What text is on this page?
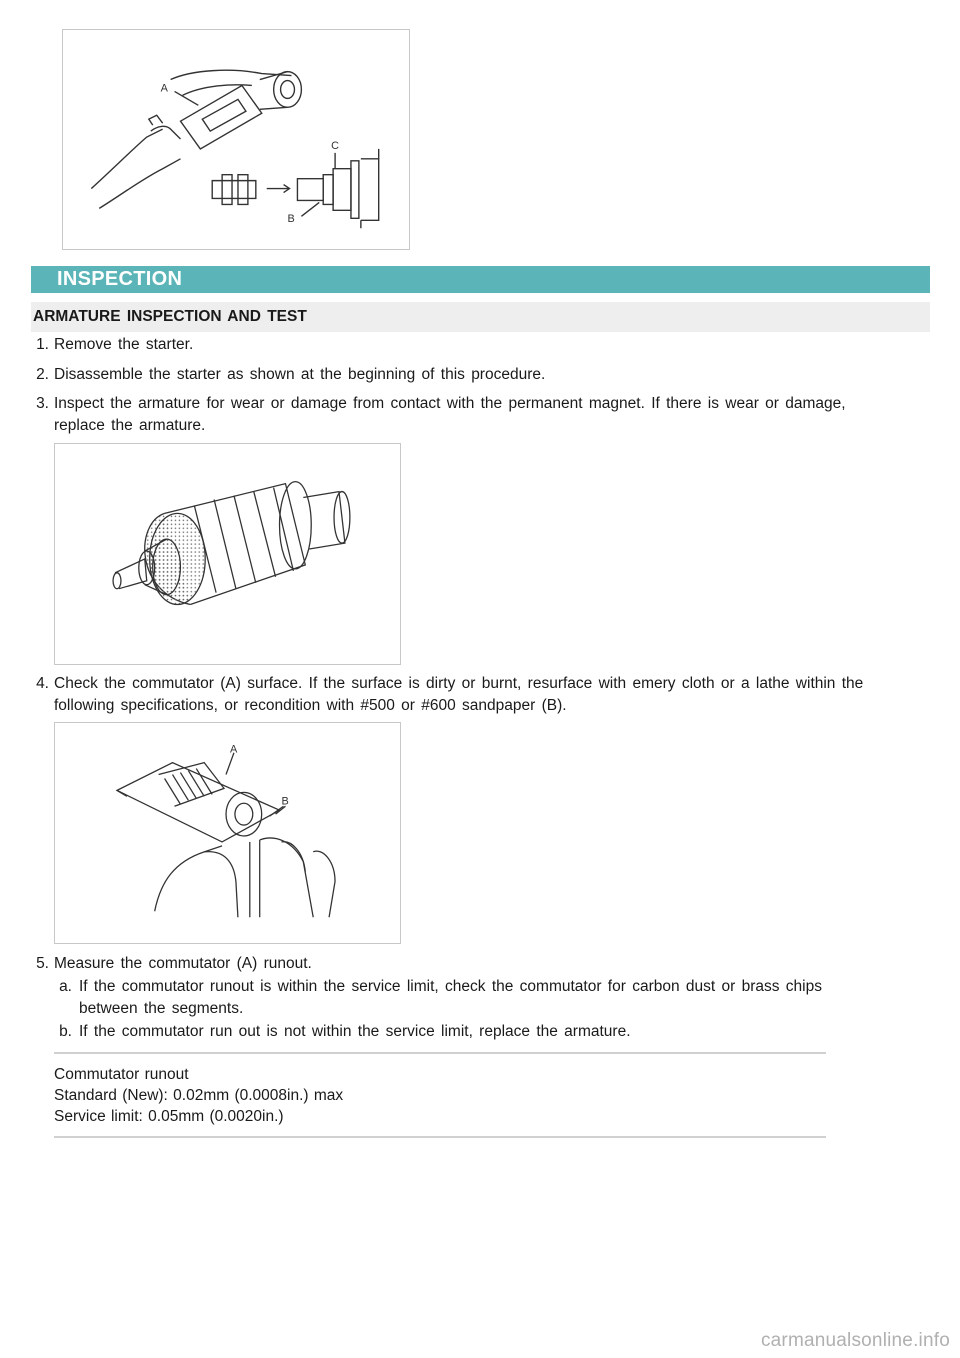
A
C
B
INSPECTION
ARMATURE INSPECTION AND TEST
1. Remove the starter.
2. Disassemble the starter as shown at the beginning of this procedure.
3. Inspect the armature for wear or damage from contact with the permanent magnet. If there is wear or damage,
replace the armature.
4. Check the commutator (A) surface. If the surface is dirty or burnt, resurface with emery cloth or a lathe within the
following specifications, or recondition with #500 or #600 sandpaper (B).
A
B
5. Measure the commutator (A) runout.
a. If the commutator runout is within the service limit, check the commutator for carbon dust or brass chips
between the segments.
b. If the commutator run out is not within the service limit, replace the armature.
Commutator runout
Standard (New): 0.02mm (0.0008in.) max
Service limit: 0.05mm (0.0020in.)
carmanualsonline.info
